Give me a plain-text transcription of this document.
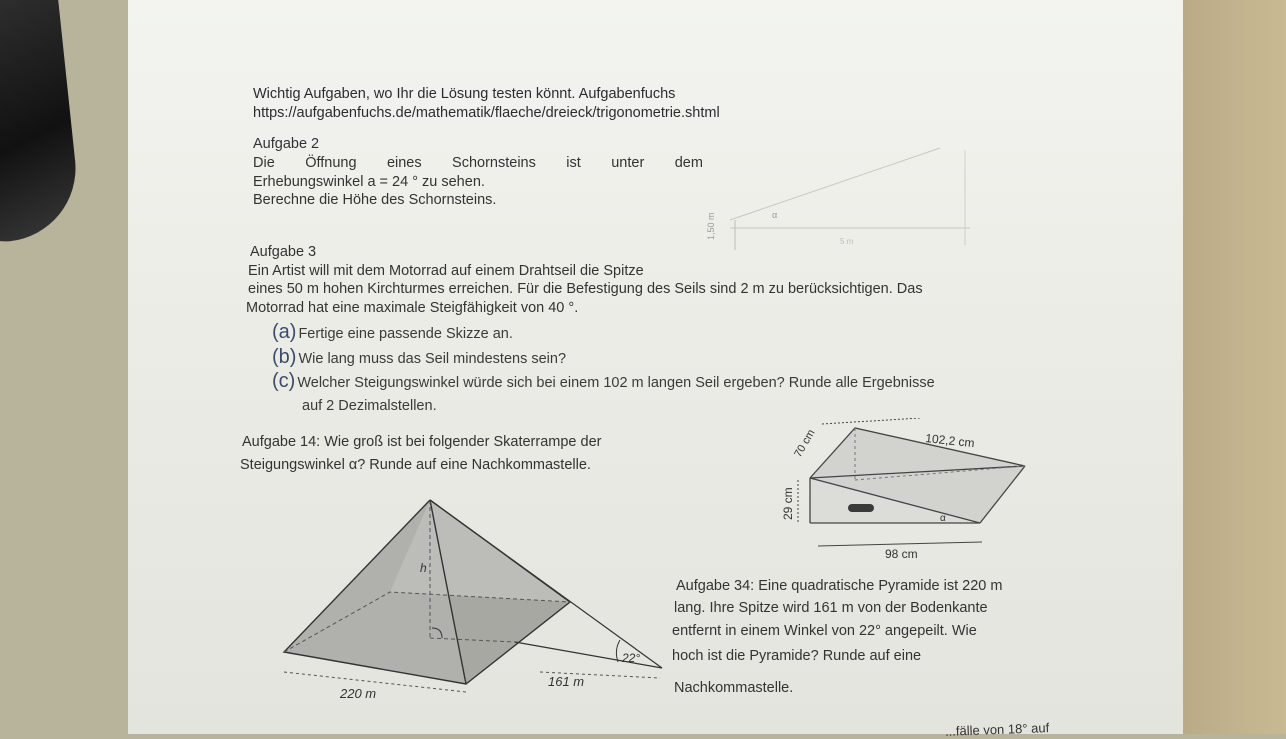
Wichtig Aufgaben, wo Ihr die Lösung testen könnt. Aufgabenfuchs
https://aufgabenfuchs.de/mathematik/flaeche/dreieck/trigonometrie.shtml
Aufgabe 2
Die Öffnung eines Schornsteins ist unter dem
Erhebungswinkel a = 24 ° zu sehen.
Berechne die Höhe des Schornsteins.
1,50 m	α
5 m
Aufgabe 3
Ein Artist will mit dem Motorrad auf einem Drahtseil die Spitze
eines 50 m hohen Kirchturmes erreichen. Für die Befestigung des Seils sind 2 m zu berücksichtigen. Das
Motorrad hat eine maximale Steigfähigkeit von 40 °.
(a) Fertige eine passende Skizze an.
(b) Wie lang muss das Seil mindestens sein?
(c) Welcher Steigungswinkel würde sich bei einem 102 m langen Seil ergeben? Runde alle Ergebnisse
auf 2 Dezimalstellen.
Aufgabe 14: Wie groß ist bei folgender Skaterrampe der
Steigungswinkel α? Runde auf eine Nachkommastelle.
102,2 cm
70 cm
29 cm
98 cm
α
Aufgabe 34: Eine quadratische Pyramide ist 220 m
lang. Ihre Spitze wird 161 m von der Bodenkante
entfernt in einem Winkel von 22° angepeilt. Wie
hoch ist die Pyramide? Runde auf eine
Nachkommastelle.
h
22°
161 m
220 m
...fälle von 18° auf
